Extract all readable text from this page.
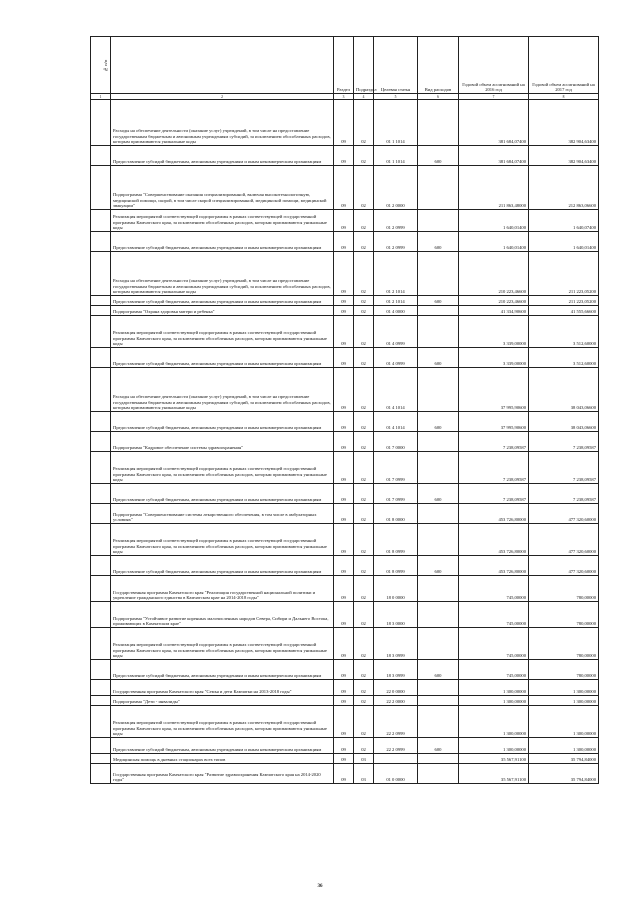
№ п/п		Раздел	Подраздел	Целевая статья	Вид расходов	Годовой объем ассигнований на 2016 год	Годовой объем ассигнований на 2017 год
1	2	3	4	5	6	7	8
	Расходы на обеспечение деятельности (оказание услуг) учреждений, в том числе на предоставление государственным бюджетным и автономным учреждениям субсидий, за исключением обособленных расходов, которым присваиваются уникальные коды	09	02	01 1 1014		381 684,07400	382 904,63400
	Предоставление субсидий бюджетным, автономным учреждениям и иным некоммерческим организациям	09	02	01 1 1014	600	381 684,07400	382 904,63400
	Подпрограмма "Совершенствование оказания специализированной, включая высокотехнологичную, медицинской помощи, скорой, в том числе скорой специализированной, медицинской помощи, медицинской эвакуации"	09	02	01 2 0000		211 863,48000	212 863,06600
	Реализация мероприятий соответствующей подпрограммы в рамках соответствующей государственной программы Камчатского края, за исключением обособленных расходов, которым присваиваются уникальные коды	09	02	01 2 0999		1 640,01400	1 640,07400
	Предоставление субсидий бюджетным, автономным учреждениям и иным некоммерческим организациям	09	02	01 2 0999	600	1 640,01400	1 640,01400
	Расходы на обеспечение деятельности (оказание услуг) учреждений, в том числе на предоставление государственным бюджетным и автономным учреждениям субсидий, за исключением обособленных расходов, которым присваиваются уникальные коды	09	02	01 2 1014		210 223,46600	211 223,05200
	Предоставление субсидий бюджетным, автономным учреждениям и иным некоммерческим организациям	09	02	01 2 1014	600	210 223,46600	211 223,05200
	Подпрограмма "Охрана здоровья матери и ребенка"	09	02	01 4 0000		41 334,90600	41 555,66600
	Реализация мероприятий соответствующей подпрограммы в рамках соответствующей государственной программы Камчатского края, за исключением обособленных расходов, которым присваиваются уникальные коды	09	02	01 4 0999		3 339,00000	3 512,60000
	Предоставление субсидий бюджетным, автономным учреждениям и иным некоммерческим организациям	09	02	01 4 0999	600	3 339,00000	3 512,60000
	Расходы на обеспечение деятельности (оказание услуг) учреждений, в том числе на предоставление государственным бюджетным и автономным учреждениям субсидий, за исключением обособленных расходов, которым присваиваются уникальные коды	09	02	01 4 1014		37 995,90600	38 043,06600
	Предоставление субсидий бюджетным, автономным учреждениям и иным некоммерческим организациям	09	02	01 4 1014	600	37 995,90600	38 043,06600
	Подпрограмма "Кадровое обеспечение системы здравоохранения"	09	02	01 7 0000		7 238,09587	7 238,09587
	Реализация мероприятий соответствующей подпрограммы в рамках соответствующей государственной программы Камчатского края, за исключением обособленных расходов, которым присваиваются уникальные коды	09	02	01 7 0999		7 238,09587	7 238,09587
	Предоставление субсидий бюджетным, автономным учреждениям и иным некоммерческим организациям	09	02	01 7 0999	600	7 238,09587	7 238,09587
	Подпрограмма "Совершенствование системы лекарственного обеспечения, в том числе в амбулаторных условиях"	09	02	01 8 0000		453 726,80000	477 320,60000
	Реализация мероприятий соответствующей подпрограммы в рамках соответствующей государственной программы Камчатского края, за исключением обособленных расходов, которым присваиваются уникальные коды	09	02	01 8 0999		453 726,80000	477 320,60000
	Предоставление субсидий бюджетным, автономным учреждениям и иным некоммерческим организациям	09	02	01 8 0999	600	453 726,80000	477 320,60000
	Государственная программа Камчатского края "Реализация государственной национальной политики и укрепление гражданского единства в Камчатском крае на 2014-2018 годы"	09	02	18 0 0000		745,00000	780,00000
	Подпрограмма "Устойчивое развитие коренных малочисленных народов Севера, Сибири и Дальнего Востока, проживающих в Камчатском крае"	09	02	18 3 0000		745,00000	780,00000
	Реализация мероприятий соответствующей подпрограммы в рамках соответствующей государственной программы Камчатского края, за исключением обособленных расходов, которым присваиваются уникальные коды	09	02	18 3 0999		745,00000	780,00000
	Предоставление субсидий бюджетным, автономным учреждениям и иным некоммерческим организациям	09	02	18 3 0999	600	745,00000	780,00000
	Государственная программа Камчатского края "Семья и дети Камчатки на 2013-2018 годы"	09	02	22 0 0000		1 300,00000	1 300,00000
	Подпрограмма "Дети - инвалиды"	09	02	22 2 0000		1 300,00000	1 300,00000
	Реализация мероприятий соответствующей подпрограммы в рамках соответствующей государственной программы Камчатского края, за исключением обособленных расходов, которым присваиваются уникальные коды	09	02	22 2 0999		1 300,00000	1 300,00000
	Предоставление субсидий бюджетным, автономным учреждениям и иным некоммерческим организациям	09	02	22 2 0999	600	1 300,00000	1 300,00000
	Медицинская помощь в дневных стационарах всех типов	09	03			35 567,91100	35 794,84000
	Государственная программа Камчатского края "Развитие здравоохранения Камчатского края на 2014-2020 годы"	09	03	01 0 0000		35 567,91100	35 794,84000
36
